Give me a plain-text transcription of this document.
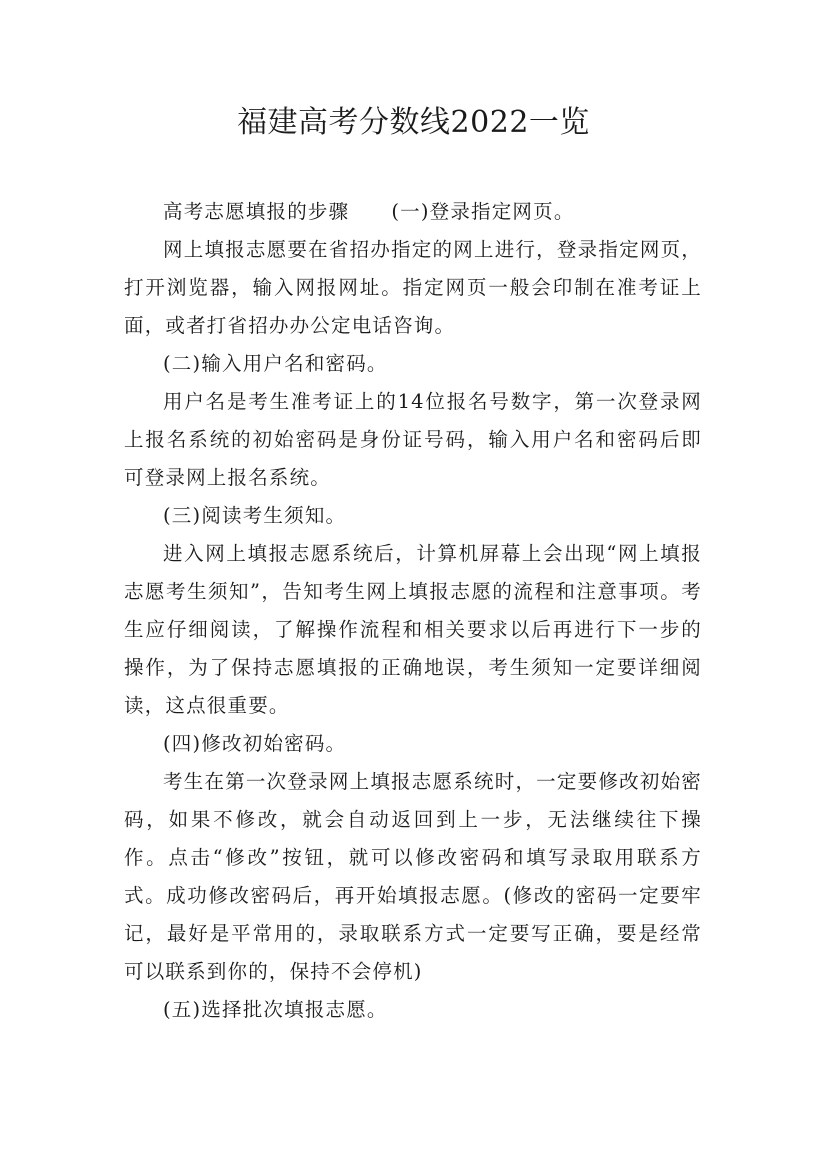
福建高考分数线2022一览

高考志愿填报的步骤 (一)登录指定网页。

网上填报志愿要在省招办指定的网上进行，登录指定网页，打开浏览器，输入网报网址。指定网页一般会印制在准考证上面，或者打省招办办公定电话咨询。

(二)输入用户名和密码。

用户名是考生准考证上的14位报名号数字，第一次登录网上报名系统的初始密码是身份证号码，输入用户名和密码后即可登录网上报名系统。

(三)阅读考生须知。

进入网上填报志愿系统后，计算机屏幕上会出现“网上填报志愿考生须知”，告知考生网上填报志愿的流程和注意事项。考生应仔细阅读，了解操作流程和相关要求以后再进行下一步的操作，为了保持志愿填报的正确地误，考生须知一定要详细阅读，这点很重要。

(四)修改初始密码。

考生在第一次登录网上填报志愿系统时，一定要修改初始密码，如果不修改，就会自动返回到上一步，无法继续往下操作。点击“修改”按钮，就可以修改密码和填写录取用联系方式。成功修改密码后，再开始填报志愿。(修改的密码一定要牢记，最好是平常用的，录取联系方式一定要写正确，要是经常可以联系到你的，保持不会停机)

(五)选择批次填报志愿。
